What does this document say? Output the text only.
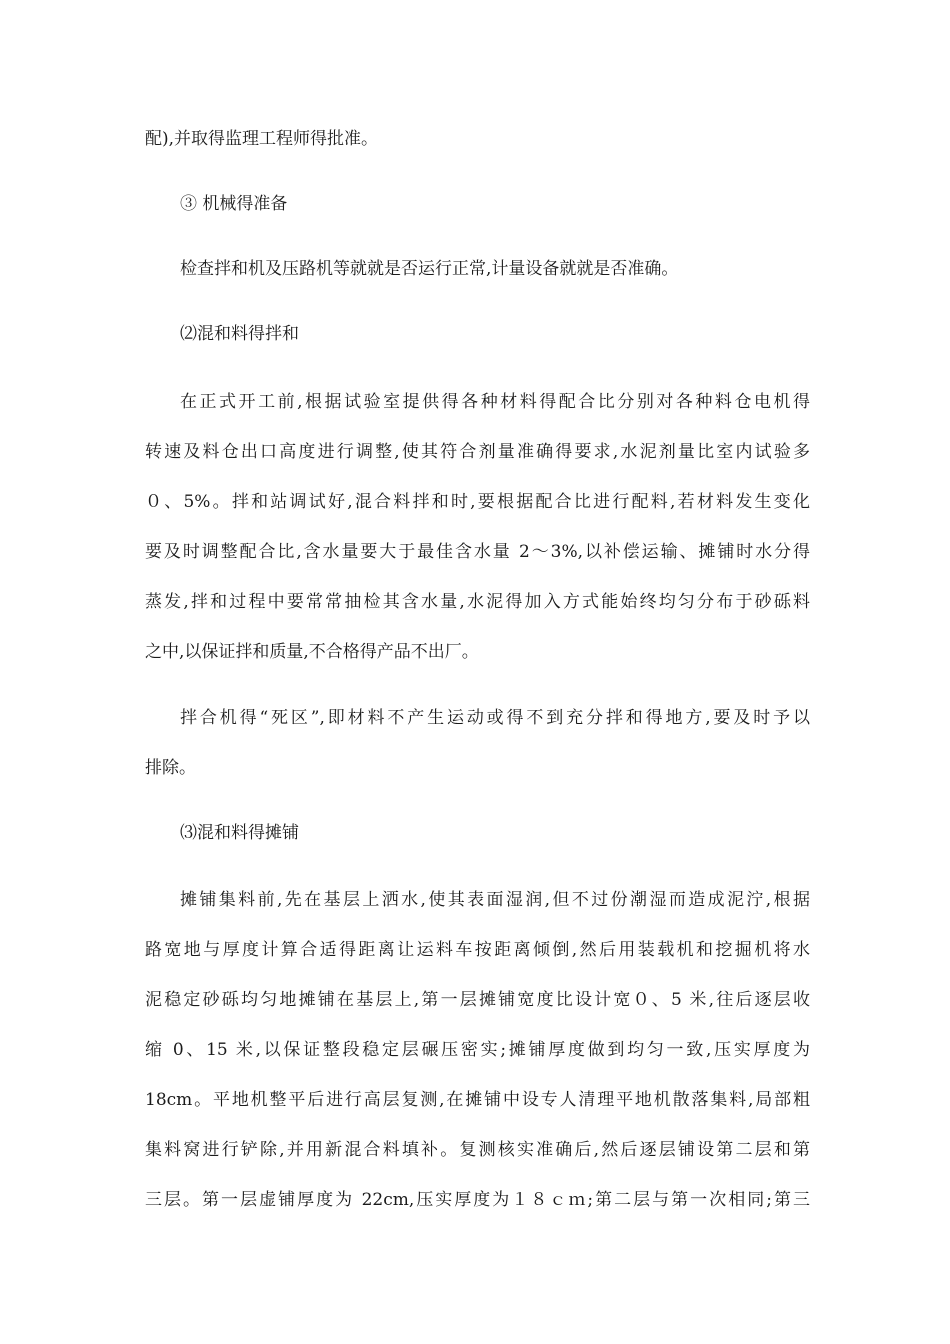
配),并取得监理工程师得批准。
③ 机械得准备
检查拌和机及压路机等就就是否运行正常,计量设备就就是否准确。
⑵混和料得拌和
在正式开工前,根据试验室提供得各种材料得配合比分别对各种料仓电机得
转速及料仓出口高度进行调整,使其符合剂量准确得要求,水泥剂量比室内试验多
０、5%。拌和站调试好,混合料拌和时,要根据配合比进行配料,若材料发生变化
要及时调整配合比,含水量要大于最佳含水量 2～3%,以补偿运输、摊铺时水分得
蒸发,拌和过程中要常常抽检其含水量,水泥得加入方式能始终均匀分布于砂砾料
之中,以保证拌和质量,不合格得产品不出厂。
拌合机得“死区”,即材料不产生运动或得不到充分拌和得地方,要及时予以
排除。
⑶混和料得摊铺
摊铺集料前,先在基层上洒水,使其表面湿润,但不过份潮湿而造成泥泞,根据
路宽地与厚度计算合适得距离让运料车按距离倾倒,然后用装载机和挖掘机将水
泥稳定砂砾均匀地摊铺在基层上,第一层摊铺宽度比设计宽０、5 米,往后逐层收
缩 0、15 米,以保证整段稳定层碾压密实;摊铺厚度做到均匀一致,压实厚度为
18cm。平地机整平后进行高层复测,在摊铺中设专人清理平地机散落集料,局部粗
集料窝进行铲除,并用新混合料填补。复测核实准确后,然后逐层铺设第二层和第
三层。第一层虚铺厚度为 22cm,压实厚度为１８ｃｍ;第二层与第一次相同;第三
